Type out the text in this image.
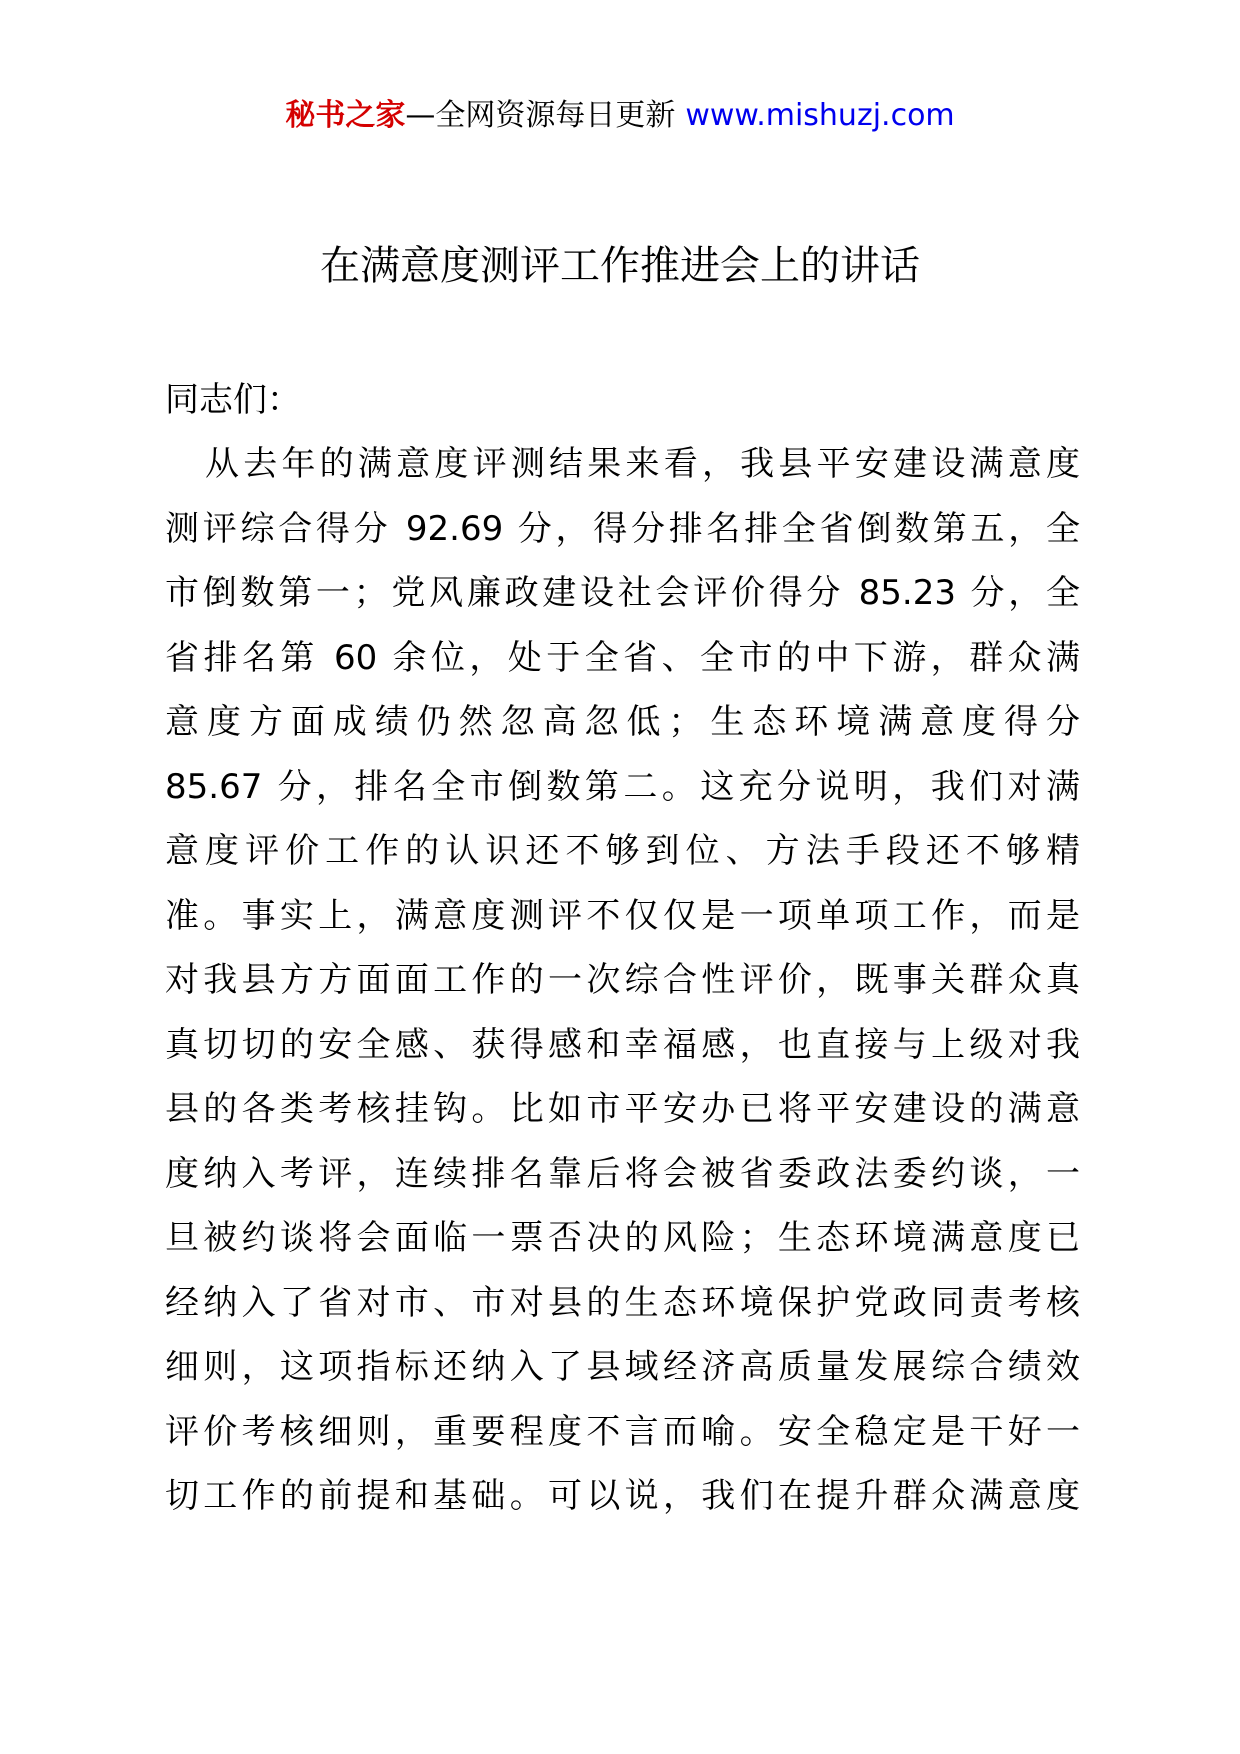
秘书之家—全网资源每日更新 www.mishuzj.com
在满意度测评工作推进会上的讲话

同志们：

从去年的满意度评测结果来看，我县平安建设满意度
测评综合得分 92.69 分，得分排名排全省倒数第五，全
市倒数第一；党风廉政建设社会评价得分 85.23 分，全
省排名第 60 余位，处于全省、全市的中下游，群众满
意度方面成绩仍然忽高忽低；生态环境满意度得分
85.67 分，排名全市倒数第二。这充分说明，我们对满
意度评价工作的认识还不够到位、方法手段还不够精
准。事实上，满意度测评不仅仅是一项单项工作，而是
对我县方方面面工作的一次综合性评价，既事关群众真
真切切的安全感、获得感和幸福感，也直接与上级对我
县的各类考核挂钩。比如市平安办已将平安建设的满意
度纳入考评，连续排名靠后将会被省委政法委约谈，一
旦被约谈将会面临一票否决的风险；生态环境满意度已
经纳入了省对市、市对县的生态环境保护党政同责考核
细则，这项指标还纳入了县域经济高质量发展综合绩效
评价考核细则，重要程度不言而喻。安全稳定是干好一
切工作的前提和基础。可以说，我们在提升群众满意度
